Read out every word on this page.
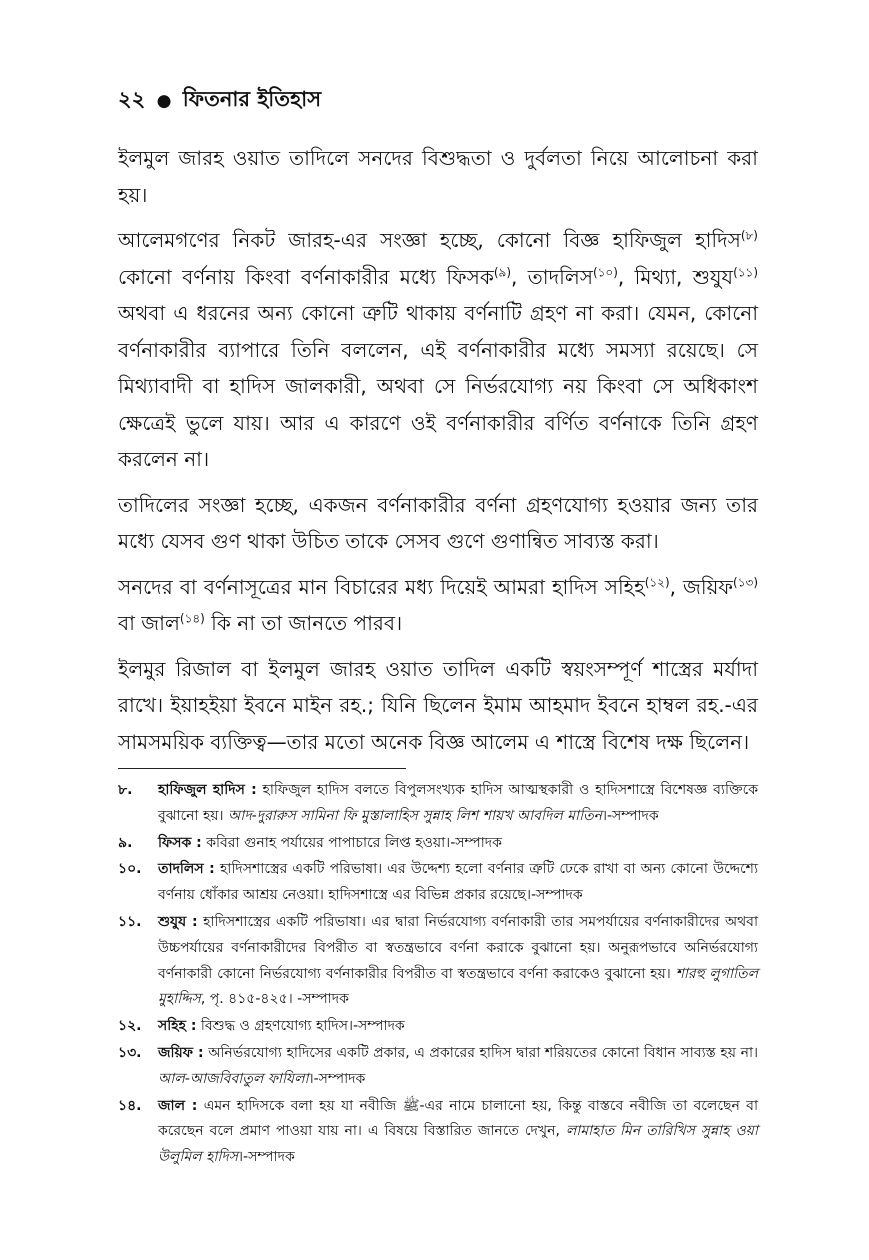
২২ ● ফিতনার ইতিহাস

ইলমুল জারহ ওয়াত তাদিলে সনদের বিশুদ্ধতা ও দুর্বলতা নিয়ে আলোচনা করা হয়।

আলেমগণের নিকট জারহ-এর সংজ্ঞা হচ্ছে, কোনো বিজ্ঞ হাফিজুল হাদিস$^{(৮)}$ কোনো বর্ণনায় কিংবা বর্ণনাকারীর মধ্যে ফিসক$^{(৯)}$, তাদলিস$^{(১০)}$, মিথ্যা, শুযুয$^{(১১)}$ অথবা এ ধরনের অন্য কোনো ত্রুটি থাকায় বর্ণনাটি গ্রহণ না করা। যেমন, কোনো বর্ণনাকারীর ব্যাপারে তিনি বললেন, এই বর্ণনাকারীর মধ্যে সমস্যা রয়েছে। সে মিথ্যাবাদী বা হাদিস জালকারী, অথবা সে নির্ভরযোগ্য নয় কিংবা সে অধিকাংশ ক্ষেত্রেই ভুলে যায়। আর এ কারণে ওই বর্ণনাকারীর বর্ণিত বর্ণনাকে তিনি গ্রহণ করলেন না।

তাদিলের সংজ্ঞা হচ্ছে, একজন বর্ণনাকারীর বর্ণনা গ্রহণযোগ্য হওয়ার জন্য তার মধ্যে যেসব গুণ থাকা উচিত তাকে সেসব গুণে গুণান্বিত সাব্যস্ত করা।

সনদের বা বর্ণনাসূত্রের মান বিচারের মধ্য দিয়েই আমরা হাদিস সহিহ$^{(১২)}$, জয়িফ$^{(১৩)}$ বা জাল$^{(১৪)}$ কি না তা জানতে পারব।

ইলমুর রিজাল বা ইলমুল জারহ ওয়াত তাদিল একটি স্বয়ংসম্পূর্ণ শাস্ত্রের মর্যাদা রাখে। ইয়াহইয়া ইবনে মাইন রহ.; যিনি ছিলেন ইমাম আহমাদ ইবনে হাম্বল রহ.-এর সামসময়িক ব্যক্তিত্ব—তার মতো অনেক বিজ্ঞ আলেম এ শাস্ত্রে বিশেষ দক্ষ ছিলেন।

৮.	হাফিজুল হাদিস : হাফিজুল হাদিস বলতে বিপুলসংখ্যক হাদিস আত্মস্থকারী ও হাদিসশাস্ত্রে বিশেষজ্ঞ ব্যক্তিকে বুঝানো হয়। আদ-দুরারুস সামিনা ফি মুস্তালাহিস সুন্নাহ লিশ শায়খ আবদিল মাতিন।-সম্পাদক
৯.	ফিসক : কবিরা গুনাহ পর্যায়ের পাপাচারে লিপ্ত হওয়া।-সম্পাদক
১০.	তাদলিস : হাদিসশাস্ত্রের একটি পরিভাষা। এর উদ্দেশ্য হলো বর্ণনার ত্রুটি ঢেকে রাখা বা অন্য কোনো উদ্দেশ্যে বর্ণনায় ধোঁকার আশ্রয় নেওয়া। হাদিসশাস্ত্রে এর বিভিন্ন প্রকার রয়েছে।-সম্পাদক
১১.	শুযুয : হাদিসশাস্ত্রের একটি পরিভাষা। এর দ্বারা নির্ভরযোগ্য বর্ণনাকারী তার সমপর্যায়ের বর্ণনাকারীদের অথবা উচ্চপর্যায়ের বর্ণনাকারীদের বিপরীত বা স্বতন্ত্রভাবে বর্ণনা করাকে বুঝানো হয়। অনুরূপভাবে অনির্ভরযোগ্য বর্ণনাকারী কোনো নির্ভরযোগ্য বর্ণনাকারীর বিপরীত বা স্বতন্ত্রভাবে বর্ণনা করাকেও বুঝানো হয়। শারহু লুগাতিল মুহাদ্দিস, পৃ. ৪১৫-৪২৫। -সম্পাদক
১২.	সহিহ : বিশুদ্ধ ও গ্রহণযোগ্য হাদিস।-সম্পাদক
১৩.	জয়িফ : অনির্ভরযোগ্য হাদিসের একটি প্রকার, এ প্রকারের হাদিস দ্বারা শরিয়তের কোনো বিধান সাব্যস্ত হয় না। আল-আজবিবাতুল ফাযিলা।-সম্পাদক
১৪.	জাল : এমন হাদিসকে বলা হয় যা নবীজি ﷺ-এর নামে চালানো হয়, কিন্তু বাস্তবে নবীজি তা বলেছেন বা করেছেন বলে প্রমাণ পাওয়া যায় না। এ বিষয়ে বিস্তারিত জানতে দেখুন, লামাহাত মিন তারিখিস সুন্নাহ ওয়া উলুমিল হাদিস।-সম্পাদক
